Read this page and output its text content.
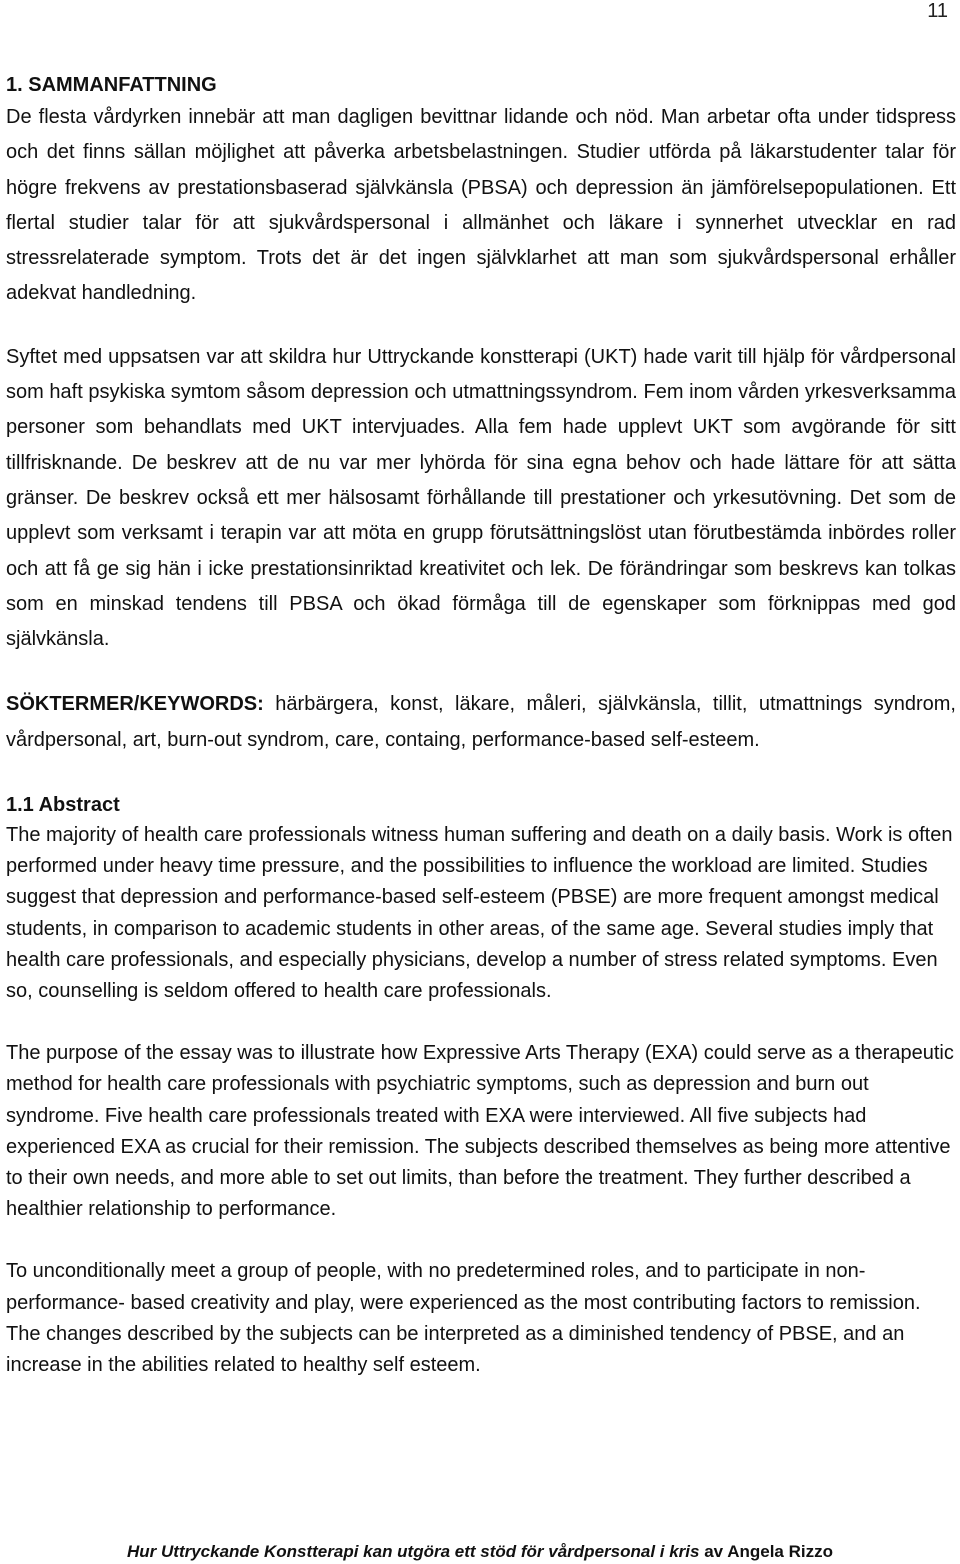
11
1. SAMMANFATTNING

De flesta vårdyrken innebär att man dagligen bevittnar lidande och nöd. Man arbetar ofta under tidspress och det finns sällan möjlighet att påverka arbetsbelastningen. Studier utförda på läkarstudenter talar för högre frekvens av prestationsbaserad självkänsla (PBSA) och depression än jämförelsepopulationen. Ett flertal studier talar för att sjukvårdspersonal i allmänhet och läkare i synnerhet utvecklar en rad stressrelaterade symptom. Trots det är det ingen självklarhet att man som sjukvårdspersonal erhåller adekvat handledning.

Syftet med uppsatsen var att skildra hur Uttryckande konstterapi (UKT) hade varit till hjälp för vårdpersonal som haft psykiska symtom såsom depression och utmattningssyndrom. Fem inom vården yrkesverksamma personer som behandlats med UKT intervjuades. Alla fem hade upplevt UKT som avgörande för sitt tillfrisknande. De beskrev att de nu var mer lyhörda för sina egna behov och hade lättare för att sätta gränser. De beskrev också ett mer hälsosamt förhållande till prestationer och yrkesutövning. Det som de upplevt som verksamt i terapin var att möta en grupp förutsättningslöst utan förutbestämda inbördes roller och att få ge sig hän i icke prestationsinriktad kreativitet och lek. De förändringar som beskrevs kan tolkas som en minskad tendens till PBSA och ökad förmåga till de egenskaper som förknippas med god självkänsla.

SÖKTERMER/KEYWORDS: härbärgera, konst, läkare, måleri, självkänsla, tillit, utmattnings syndrom, vårdpersonal, art, burn-out syndrom, care, containg, performance-based self-esteem.

1.1 Abstract

The majority of health care professionals witness human suffering and death on a daily basis. Work is often performed under heavy time pressure, and the possibilities to influence the workload are limited. Studies suggest that depression and performance-based self-esteem (PBSE) are more frequent amongst medical students, in comparison to academic students in other areas, of the same age. Several studies imply that health care professionals, and especially physicians, develop a number of stress related symptoms. Even so, counselling is seldom offered to health care professionals.

The purpose of the essay was to illustrate how Expressive Arts Therapy (EXA) could serve as a therapeutic method for health care professionals with psychiatric symptoms, such as depression and burn out syndrome. Five health care professionals treated with EXA were interviewed. All five subjects had experienced EXA as crucial for their remission. The subjects described themselves as being more attentive to their own needs, and more able to set out limits, than before the treatment. They further described a healthier relationship to performance.

To unconditionally meet a group of people, with no predetermined roles, and to participate in non-performance- based creativity and play, were experienced as the most contributing factors to remission. The changes described by the subjects can be interpreted as a diminished tendency of PBSE, and an increase in the abilities related to healthy self esteem.

Hur Uttryckande Konstterapi kan utgöra ett stöd för vårdpersonal i kris av Angela Rizzo
